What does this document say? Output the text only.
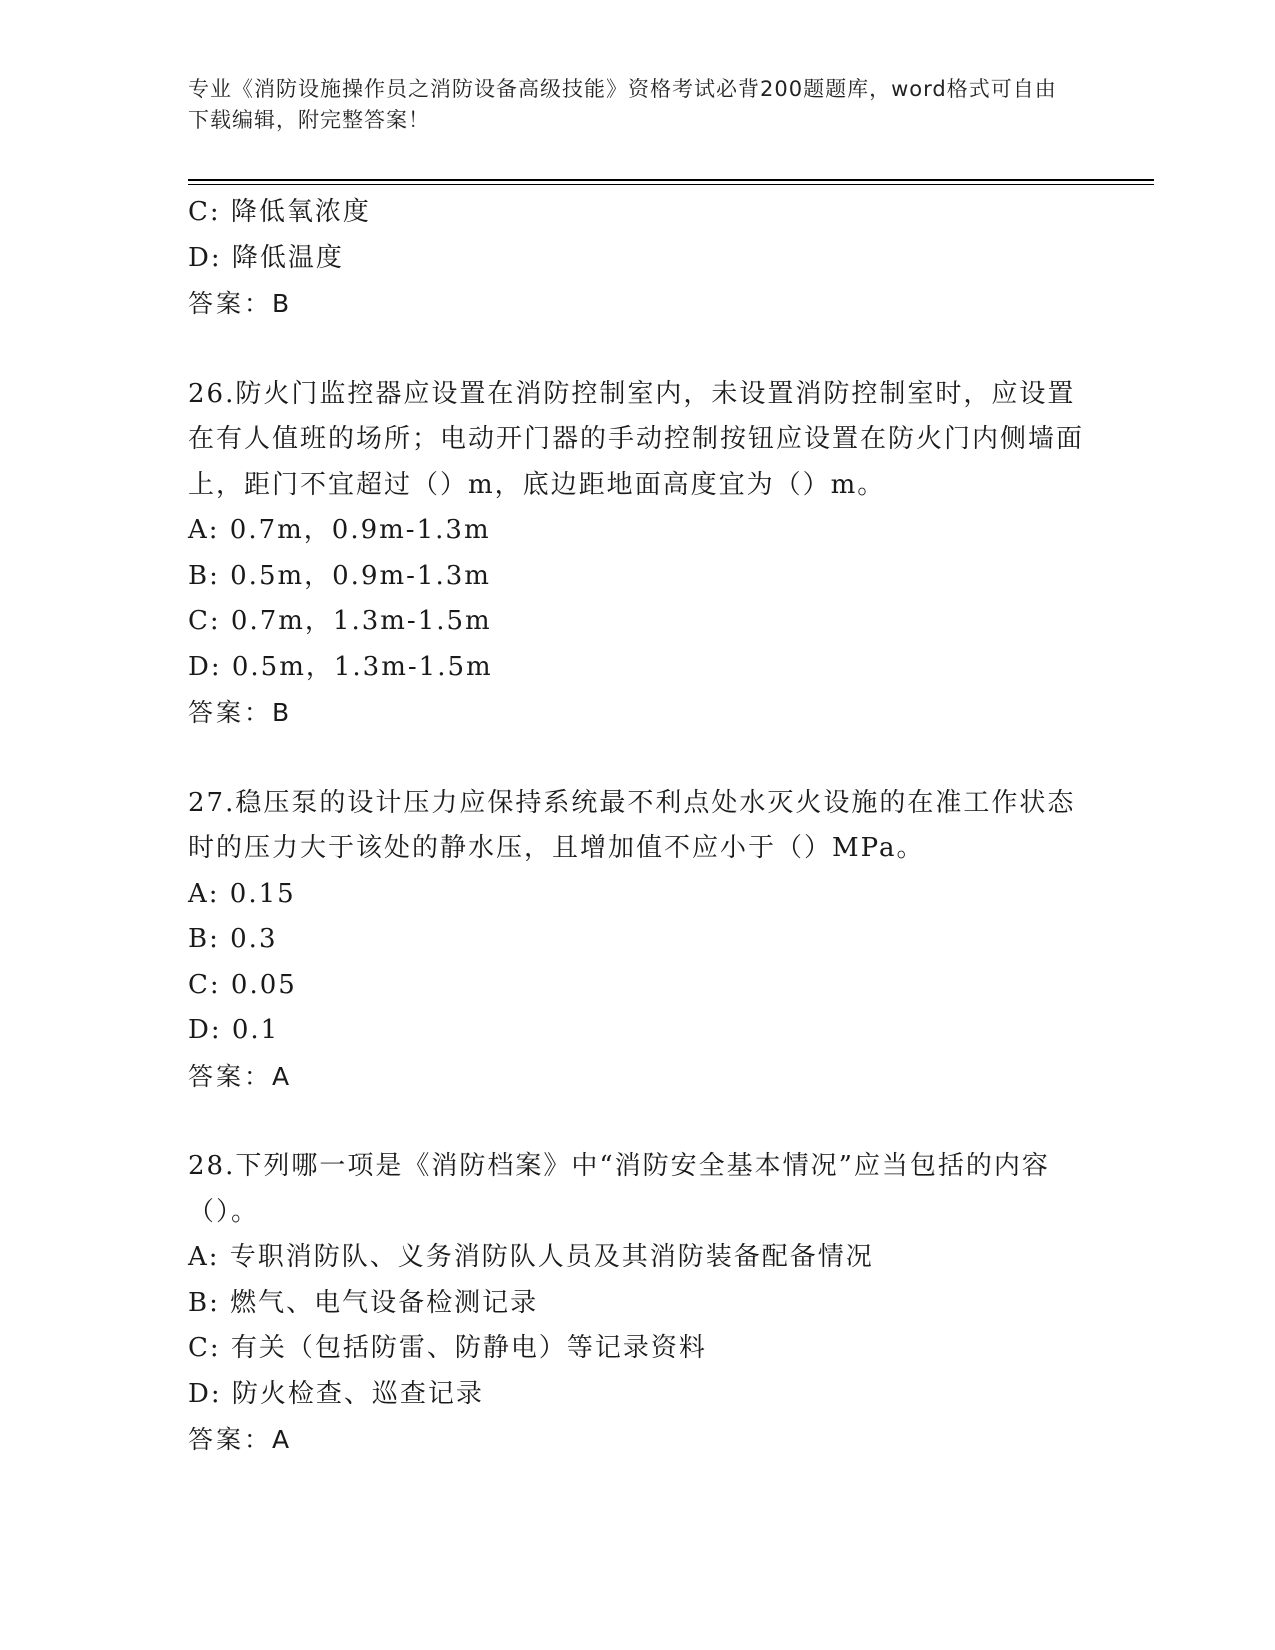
专业《消防设施操作员之消防设备高级技能》资格考试必背200题题库，word格式可自由下载编辑，附完整答案！
C: 降低氧浓度
D: 降低温度
答案：B
26.防火门监控器应设置在消防控制室内，未设置消防控制室时，应设置在有人值班的场所；电动开门器的手动控制按钮应设置在防火门内侧墙面上，距门不宜超过（）m，底边距地面高度宜为（）m。
A: 0.7m，0.9m-1.3m
B: 0.5m，0.9m-1.3m
C: 0.7m，1.3m-1.5m
D: 0.5m，1.3m-1.5m
答案：B
27.稳压泵的设计压力应保持系统最不利点处水灭火设施的在准工作状态时的压力大于该处的静水压，且增加值不应小于（）MPa。
A: 0.15
B: 0.3
C: 0.05
D: 0.1
答案：A
28.下列哪一项是《消防档案》中“消防安全基本情况”应当包括的内容（）。
A: 专职消防队、义务消防队人员及其消防装备配备情况
B: 燃气、电气设备检测记录
C: 有关（包括防雷、防静电）等记录资料
D: 防火检查、巡查记录
答案：A
